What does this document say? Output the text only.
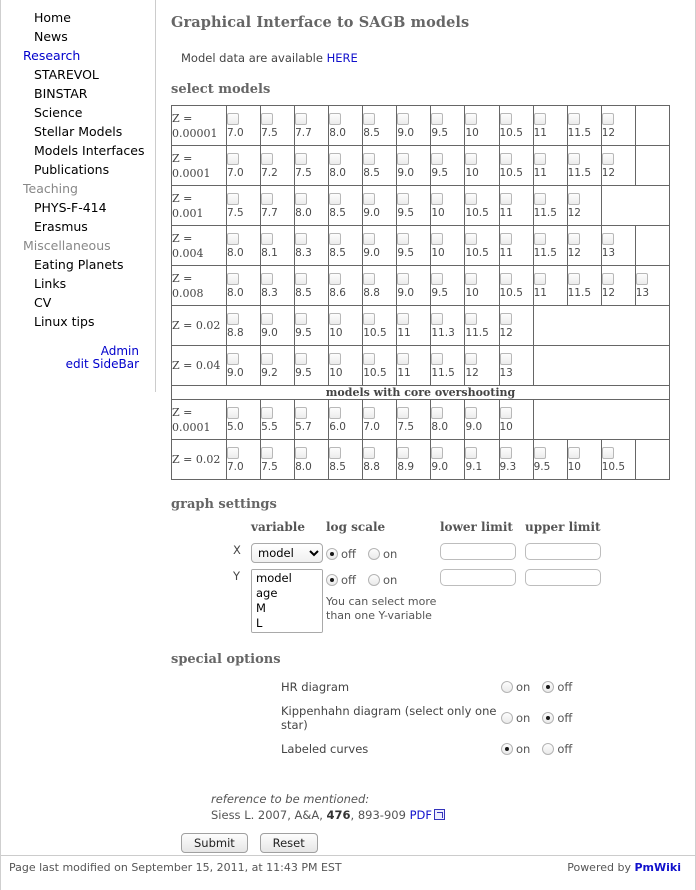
Home
News
Research
STAREVOL
BINSTAR
Science
Stellar Models
Models Interfaces
Publications
Teaching
PHYS-F-414
Erasmus
Miscellaneous
Eating Planets
Links
CV
Linux tips
Admin
edit SideBar
Graphical Interface to SAGB models
Model data are available HERE
select models
Z = 0.00001	7.0	7.5	7.7	8.0	8.5	9.0	9.5	10	10.5	11	11.5	12	

Z = 0.0001	7.0	7.2	7.5	8.0	8.5	9.0	9.5	10	10.5	11	11.5	12	

Z = 0.001	7.5	7.7	8.0	8.5	9.0	9.5	10	10.5	11	11.5	12		

Z = 0.004	8.0	8.1	8.3	8.5	9.0	9.5	10	10.5	11	11.5	12	13	

Z = 0.008	8.0	8.3	8.5	8.6	8.8	9.0	9.5	10	10.5	11	11.5	12	13

Z = 0.02	8.8	9.0	9.5	10	10.5	11	11.3	11.5	12				

Z = 0.04	9.0	9.2	9.5	10	10.5	11	11.5	12	13				

models with core overshooting													
Z = 0.0001	5.0	5.5	5.7	6.0	7.0	7.5	8.0	9.0	10				

Z = 0.02	7.0	7.5	8.0	8.5	8.8	8.9	9.0	9.1	9.3	9.5	10	10.5	

graph settings
	variable	log scale	lower limit	upper limit
X	
model	off on

Y		off on
You can select more
than one Y-variable

special options
HR diagram	on off
Kippenhahn diagram (select only one star)	on off
Labeled curves	on off
reference to be mentioned:
Siess L. 2007, A&A, 476, 893-909 PDF
Submit	Reset
Page last modified on September 15, 2011, at 11:43 PM EST	Powered by PmWiki
